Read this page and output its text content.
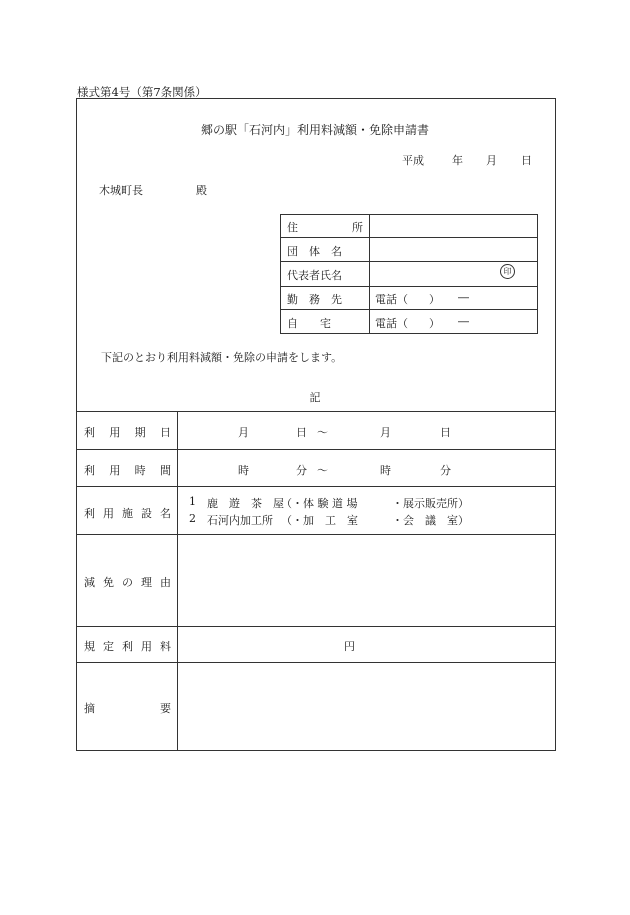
様式第4号（第7条関係）
郷の駅「石河内」利用料減額・免除申請書
平成	年 月 日
木城町長	殿
住　　所
団　体　名
代表者氏名	印
勤　務　先	電話（ ） ―
自　　宅	電話（ ） ―
下記のとおり利用料減額・免除の申請をします。
記
利 用 期 日	月	日 ～	月	日
利 用 時 間	時	分 ～	時	分
利 用 施 設 名
1 鹿　遊　茶　屋
（・体 験 道 場	・展示販売所）
2 石河内加工所 （・加　工　室	・会　議　室）
減 免 の 理 由
規 定 利 用 料	円
摘	要
